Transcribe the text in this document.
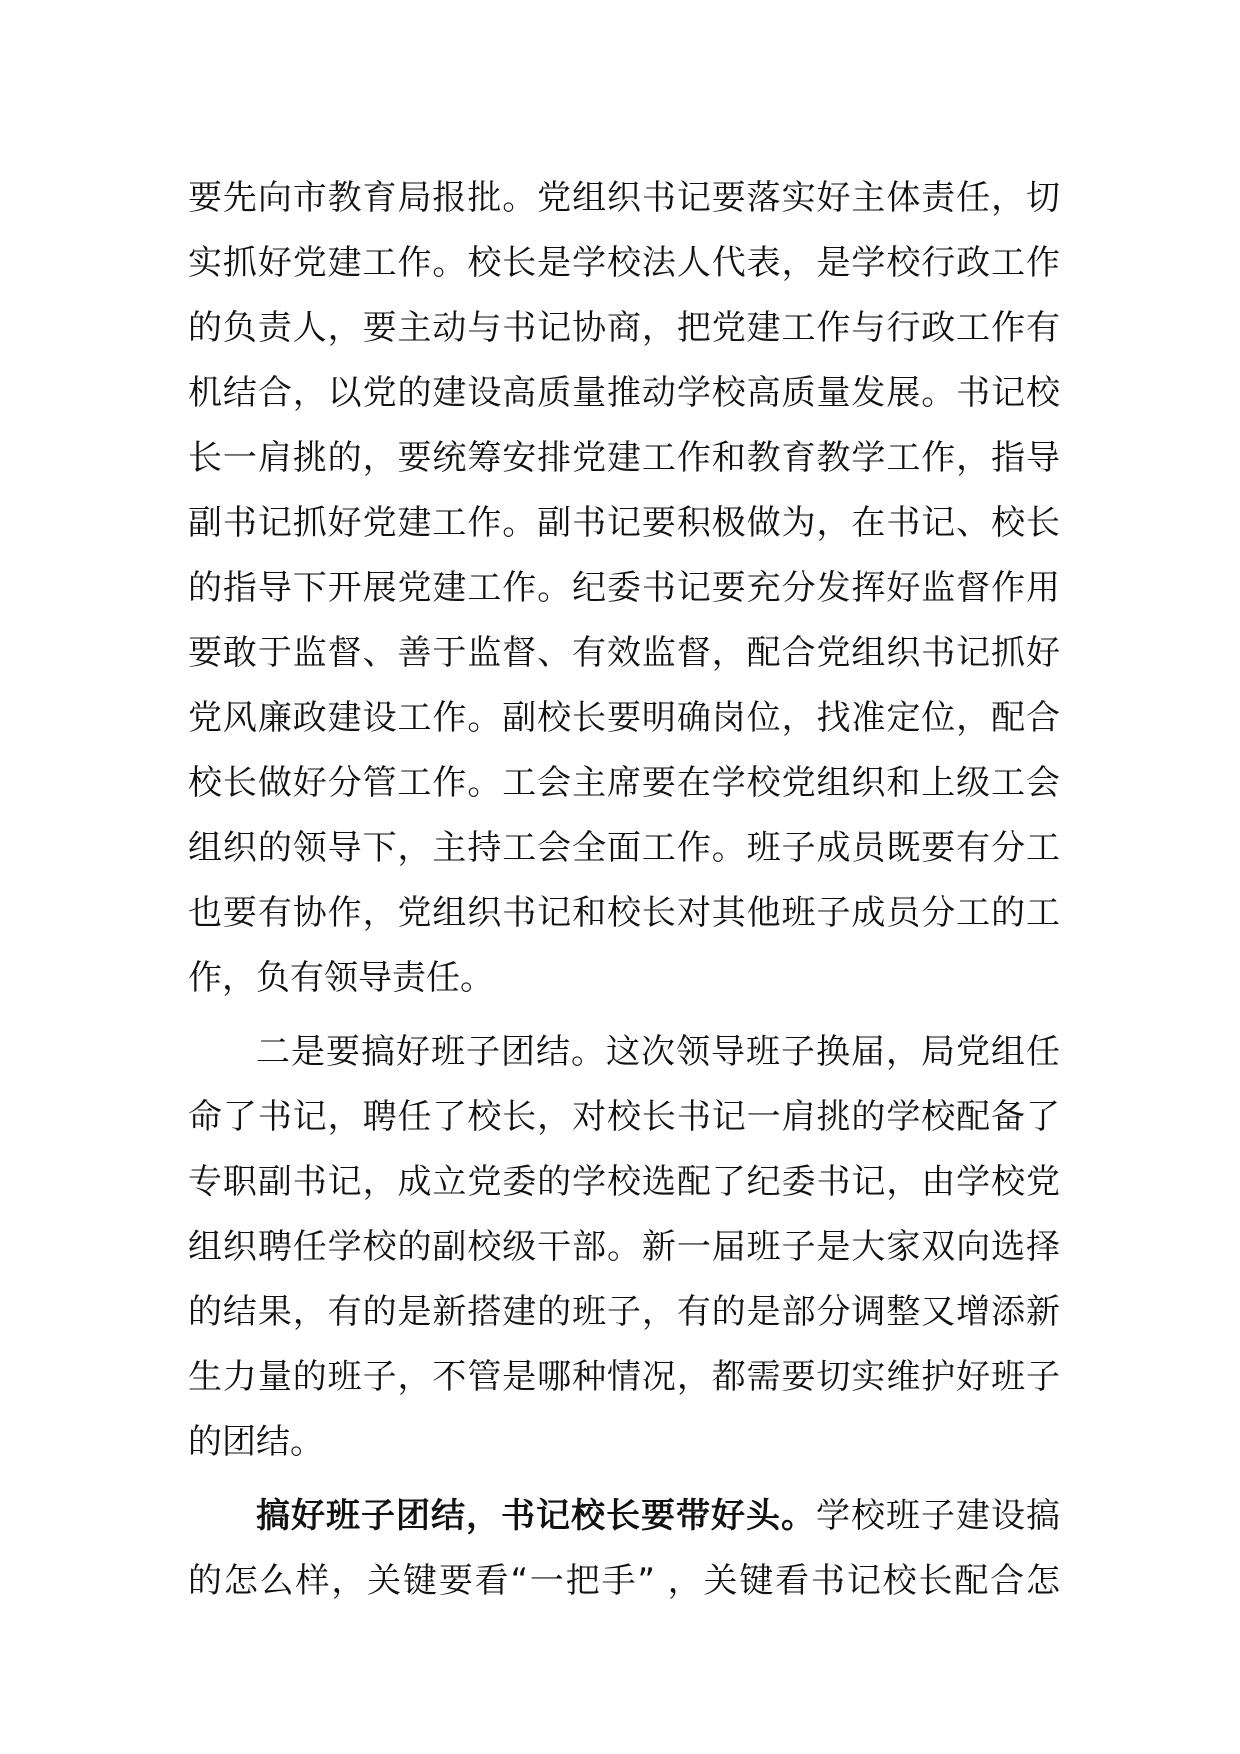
要先向市教育局报批。党组织书记要落实好主体责任，切
实抓好党建工作。校长是学校法人代表，是学校行政工作
的负责人，要主动与书记协商，把党建工作与行政工作有
机结合，以党的建设高质量推动学校高质量发展。书记校
长一肩挑的，要统筹安排党建工作和教育教学工作，指导
副书记抓好党建工作。副书记要积极做为，在书记、校长
的指导下开展党建工作。纪委书记要充分发挥好监督作用
要敢于监督、善于监督、有效监督，配合党组织书记抓好
党风廉政建设工作。副校长要明确岗位，找准定位，配合
校长做好分管工作。工会主席要在学校党组织和上级工会
组织的领导下，主持工会全面工作。班子成员既要有分工
也要有协作，党组织书记和校长对其他班子成员分工的工
作，负有领导责任。
二是要搞好班子团结。这次领导班子换届，局党组任
命了书记，聘任了校长，对校长书记一肩挑的学校配备了
专职副书记，成立党委的学校选配了纪委书记，由学校党
组织聘任学校的副校级干部。新一届班子是大家双向选择
的结果，有的是新搭建的班子，有的是部分调整又增添新
生力量的班子，不管是哪种情况，都需要切实维护好班子
的团结。
搞好班子团结，书记校长要带好头。学校班子建设搞
的怎么样，关键要看“一把手” ，关键看书记校长配合怎
